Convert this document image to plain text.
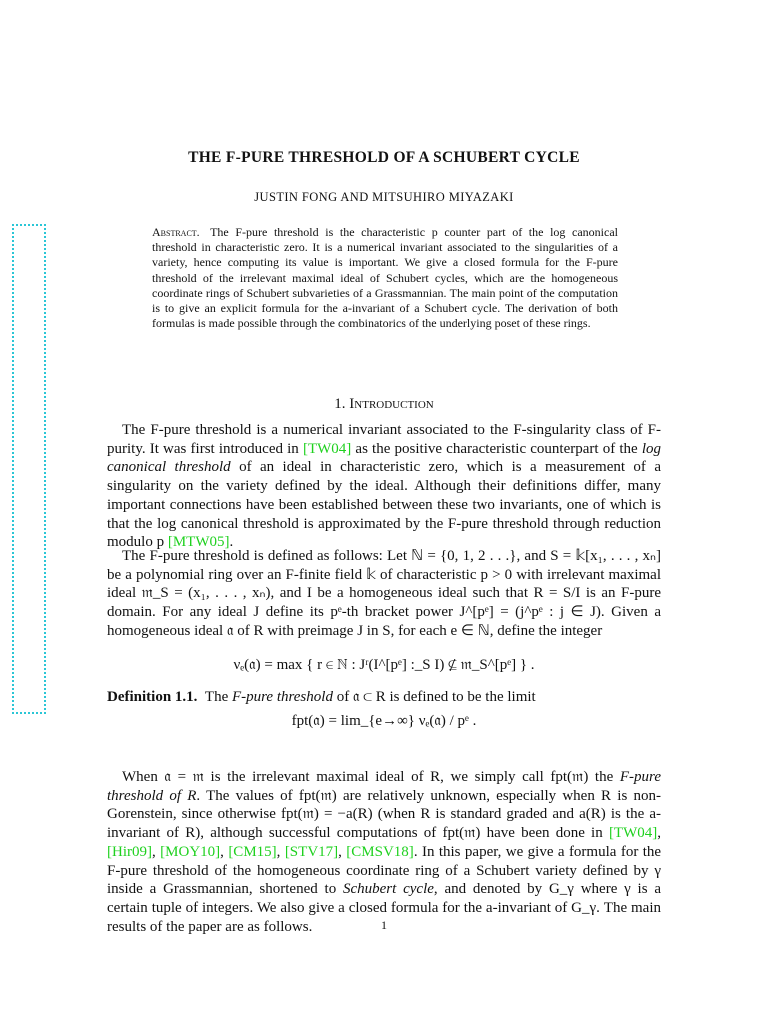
THE F-PURE THRESHOLD OF A SCHUBERT CYCLE
JUSTIN FONG AND MITSUHIRO MIYAZAKI
Abstract. The F-pure threshold is the characteristic p counter part of the log canonical threshold in characteristic zero. It is a numerical invariant associated to the singularities of a variety, hence computing its value is important. We give a closed formula for the F-pure threshold of the irrelevant maximal ideal of Schubert cycles, which are the homogeneous coordinate rings of Schubert subvarieties of a Grassmannian. The main point of the computation is to give an explicit formula for the a-invariant of a Schubert cycle. The derivation of both formulas is made possible through the combinatorics of the underlying poset of these rings.
1. Introduction
The F-pure threshold is a numerical invariant associated to the F-singularity class of F-purity. It was first introduced in [TW04] as the positive characteristic counterpart of the log canonical threshold of an ideal in characteristic zero, which is a measurement of a singularity on the variety defined by the ideal. Although their definitions differ, many important connections have been established between these two invariants, one of which is that the log canonical threshold is approximated by the F-pure threshold through reduction modulo p [MTW05].
The F-pure threshold is defined as follows: Let ℕ = {0, 1, 2 . . .}, and S = 𝕜[x₁, . . . , xₙ] be a polynomial ring over an F-finite field 𝕜 of characteristic p > 0 with irrelevant maximal ideal 𝔪_S = (x₁, . . . , xₙ), and I be a homogeneous ideal such that R = S/I is an F-pure domain. For any ideal J define its pᵉ-th bracket power J^[pᵉ] = (j^pᵉ : j ∈ J). Given a homogeneous ideal 𝔞 of R with preimage J in S, for each e ∈ ℕ, define the integer
νₑ(𝔞) = max { r ∈ ℕ : Jʳ(I^[pᵉ] :_S I) ⊈ 𝔪_S^[pᵉ] } .
Definition 1.1. The F-pure threshold of 𝔞 ⊂ R is defined to be the limit
fpt(𝔞) = lim_{e→∞} νₑ(𝔞) / pᵉ .
When 𝔞 = 𝔪 is the irrelevant maximal ideal of R, we simply call fpt(𝔪) the F-pure threshold of R. The values of fpt(𝔪) are relatively unknown, especially when R is non-Gorenstein, since otherwise fpt(𝔪) = −a(R) (when R is standard graded and a(R) is the a-invariant of R), although successful computations of fpt(𝔪) have been done in [TW04], [Hir09], [MOY10], [CM15], [STV17], [CMSV18]. In this paper, we give a formula for the F-pure threshold of the homogeneous coordinate ring of a Schubert variety defined by γ inside a Grassmannian, shortened to Schubert cycle, and denoted by G_γ where γ is a certain tuple of integers. We also give a closed formula for the a-invariant of G_γ. The main results of the paper are as follows.	1
